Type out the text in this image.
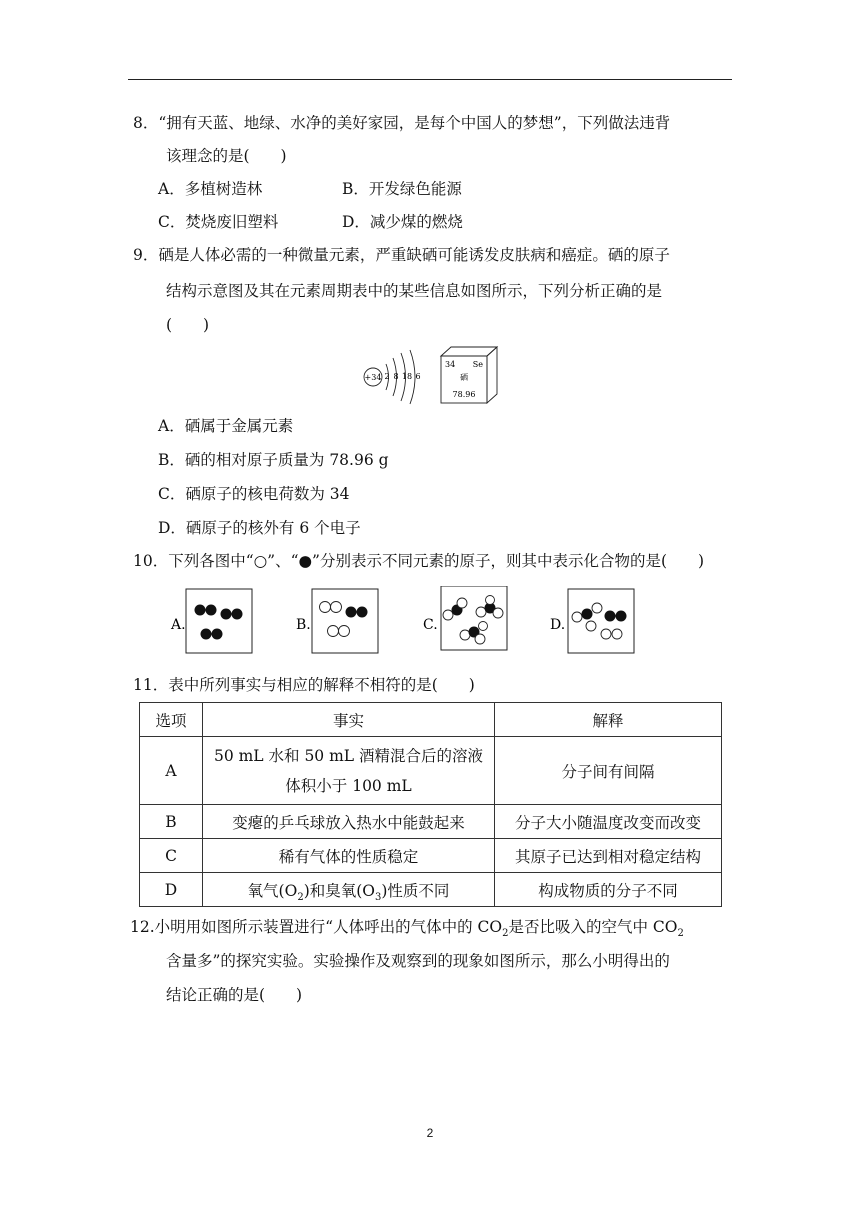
8．“拥有天蓝、地绿、水净的美好家园，是每个中国人的梦想”，下列做法违背
该理念的是(　　)
A．多植树造林	B．开发绿色能源
C．焚烧废旧塑料	D．减少煤的燃烧
9．硒是人体必需的一种微量元素，严重缺硒可能诱发皮肤病和癌症。硒的原子
结构示意图及其在元素周期表中的某些信息如图所示，下列分析正确的是
(　　)
+34 2 8 18 6
34 Se
硒
78.96
A．硒属于金属元素
B．硒的相对原子质量为 78.96 g
C．硒原子的核电荷数为 34
D．硒原子的核外有 6 个电子
10．下列各图中“○”、“●”分别表示不同元素的原子，则其中表示化合物的是(　　)
A.	B.	C.	D.
11．表中所列事实与相应的解释不相符的是(　　)
选项	事实	解释
A	50 mL 水和 50 mL 酒精混合后的溶液
体积小于 100 mL	分子间有间隔
B	变瘪的乒乓球放入热水中能鼓起来	分子大小随温度改变而改变
C	稀有气体的性质稳定	其原子已达到相对稳定结构
D	氧气$(O_2)$和臭氧$(O_3)$性质不同	构成物质的分子不同
12.小明用如图所示装置进行“人体呼出的气体中的 $CO_2$是否比吸入的空气中 $CO_2$
含量多”的探究实验。实验操作及观察到的现象如图所示，那么小明得出的
结论正确的是(　　)
2
